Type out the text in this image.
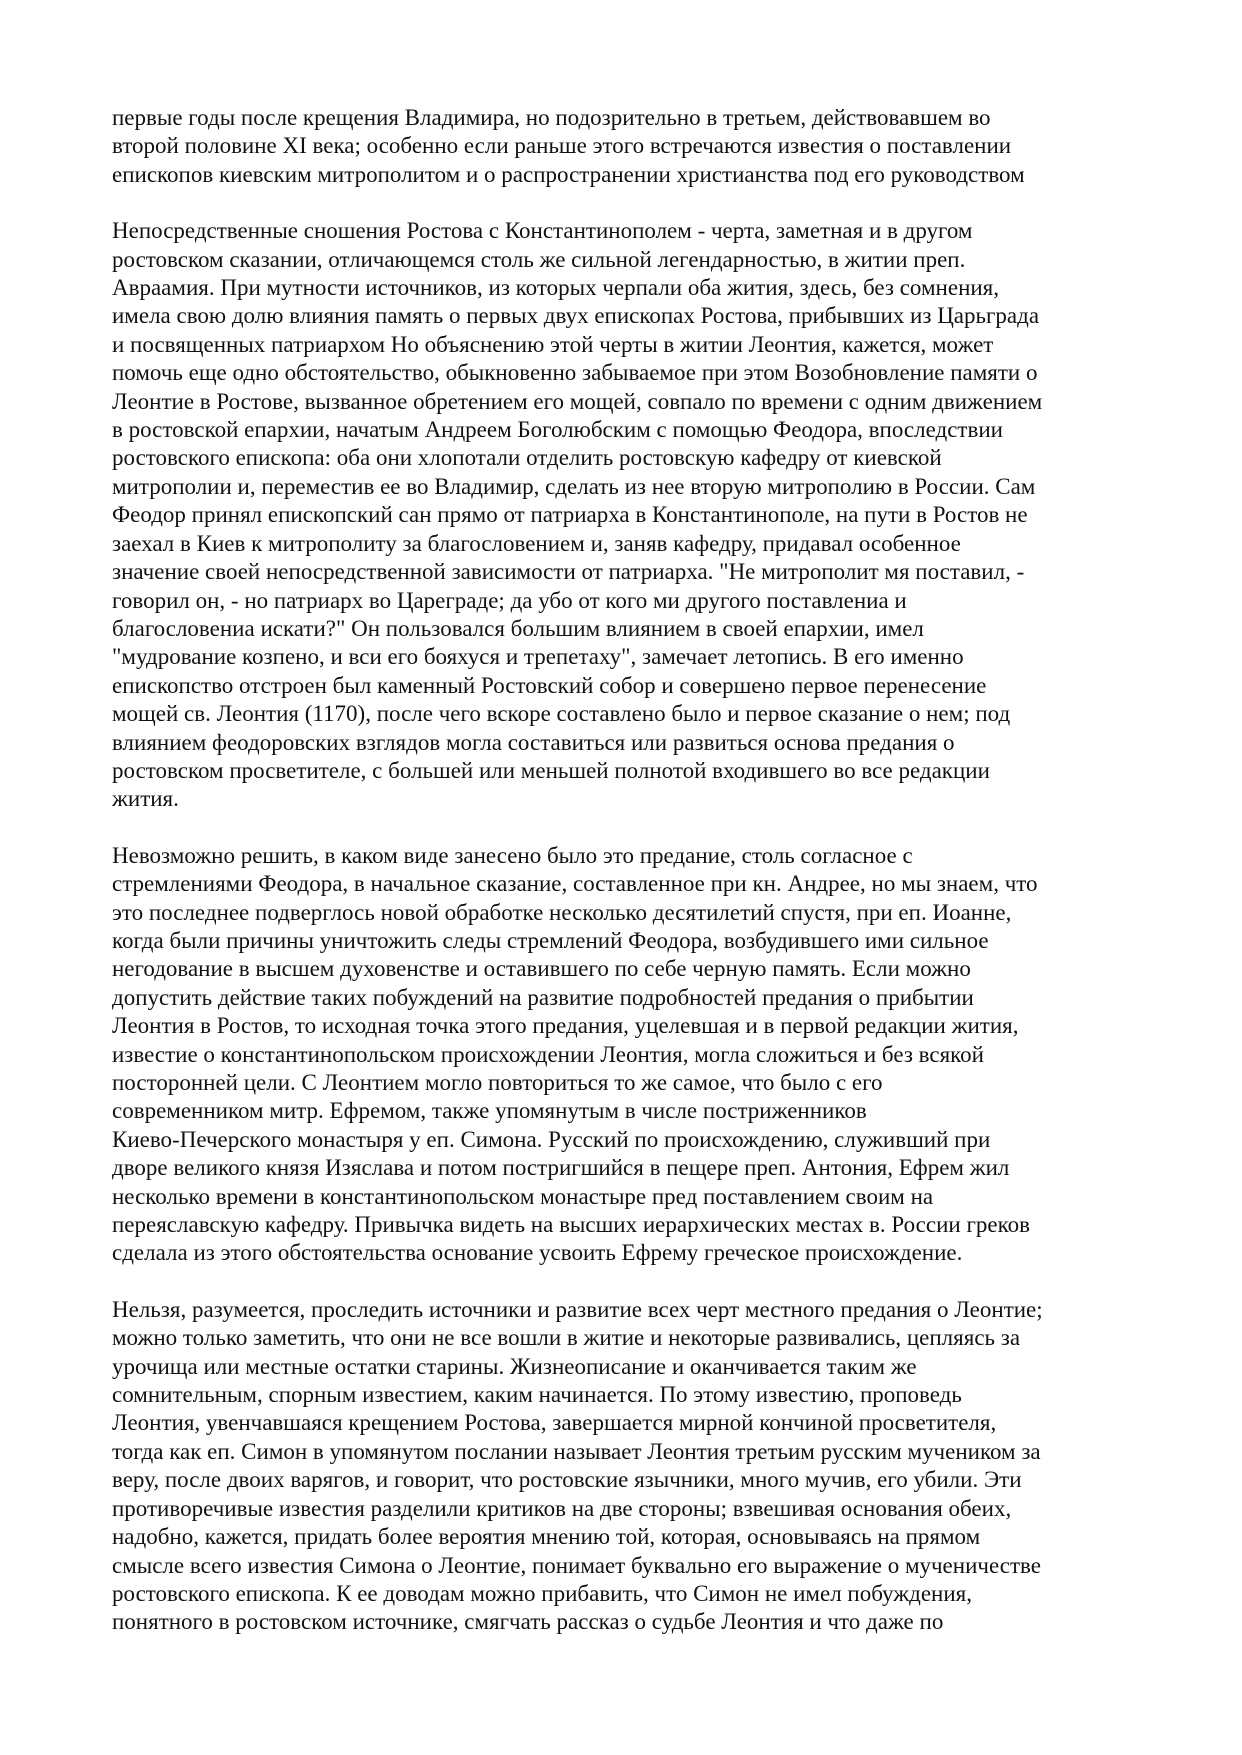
первые годы после крещения Владимира, но подозрительно в третьем, действовавшем во
второй половине XI века; особенно если раньше этого встречаются известия о поставлении
епископов киевским митрополитом и о распространении христианства под его руководством
Непосредственные сношения Ростова с Константинополем - черта, заметная и в другом
ростовском сказании, отличающемся столь же сильной легендарностью, в житии преп.
Авраамия. При мутности источников, из которых черпали оба жития, здесь, без сомнения,
имела свою долю влияния память о первых двух епископах Ростова, прибывших из Царьграда
и посвященных патриархом Но объяснению этой черты в житии Леонтия, кажется, может
помочь еще одно обстоятельство, обыкновенно забываемое при этом Возобновление памяти о
Леонтие в Ростове, вызванное обретением его мощей, совпало по времени с одним движением
в ростовской епархии, начатым Андреем Боголюбским с помощью Феодора, впоследствии
ростовского епископа: оба они хлопотали отделить ростовскую кафедру от киевской
митрополии и, переместив ее во Владимир, сделать из нее вторую митрополию в России. Сам
Феодор принял епископский сан прямо от патриарха в Константинополе, на пути в Ростов не
заехал в Киев к митрополиту за благословением и, заняв кафедру, придавал особенное
значение своей непосредственной зависимости от патриарха. "Не митрополит мя поставил, -
говорил он, - но патриарх во Цареграде; да убо от кого ми другого поставлениа и
благословениа искати?" Он пользовался большим влиянием в своей епархии, имел
"мудрование козпено, и вси его бояхуся и трепетаху", замечает летопись. В его именно
епископство отстроен был каменный Ростовский собор и совершено первое перенесение
мощей св. Леонтия (1170), после чего вскоре составлено было и первое сказание о нем; под
влиянием феодоровских взглядов могла составиться или развиться основа предания о
ростовском просветителе, с большей или меньшей полнотой входившего во все редакции
жития.
Невозможно решить, в каком виде занесено было это предание, столь согласное с
стремлениями Феодора, в начальное сказание, составленное при кн. Андрее, но мы знаем, что
это последнее подверглось новой обработке несколько десятилетий спустя, при еп. Иоанне,
когда были причины уничтожить следы стремлений Феодора, возбудившего ими сильное
негодование в высшем духовенстве и оставившего по себе черную память. Если можно
допустить действие таких побуждений на развитие подробностей предания о прибытии
Леонтия в Ростов, то исходная точка этого предания, уцелевшая и в первой редакции жития,
известие о константинопольском происхождении Леонтия, могла сложиться и без всякой
посторонней цели. С Леонтием могло повториться то же самое, что было с его
современником митр. Ефремом, также упомянутым в числе постриженников
Киево-Печерского монастыря у еп. Симона. Русский по происхождению, служивший при
дворе великого князя Изяслава и потом постригшийся в пещере преп. Антония, Ефрем жил
несколько времени в константинопольском монастыре пред поставлением своим на
переяславскую кафедру. Привычка видеть на высших иерархических местах в. России греков
сделала из этого обстоятельства основание усвоить Ефрему греческое происхождение.
Нельзя, разумеется, проследить источники и развитие всех черт местного предания о Леонтие;
можно только заметить, что они не все вошли в житие и некоторые развивались, цепляясь за
урочища или местные остатки старины. Жизнеописание и оканчивается таким же
сомнительным, спорным известием, каким начинается. По этому известию, проповедь
Леонтия, увенчавшаяся крещением Ростова, завершается мирной кончиной просветителя,
тогда как еп. Симон в упомянутом послании называет Леонтия третьим русским мучеником за
веру, после двоих варягов, и говорит, что ростовские язычники, много мучив, его убили. Эти
противоречивые известия разделили критиков на две стороны; взвешивая основания обеих,
надобно, кажется, придать более вероятия мнению той, которая, основываясь на прямом
смысле всего известия Симона о Леонтие, понимает буквально его выражение о мученичестве
ростовского епископа. К ее доводам можно прибавить, что Симон не имел побуждения,
понятного в ростовском источнике, смягчать рассказ о судьбе Леонтия и что даже по
